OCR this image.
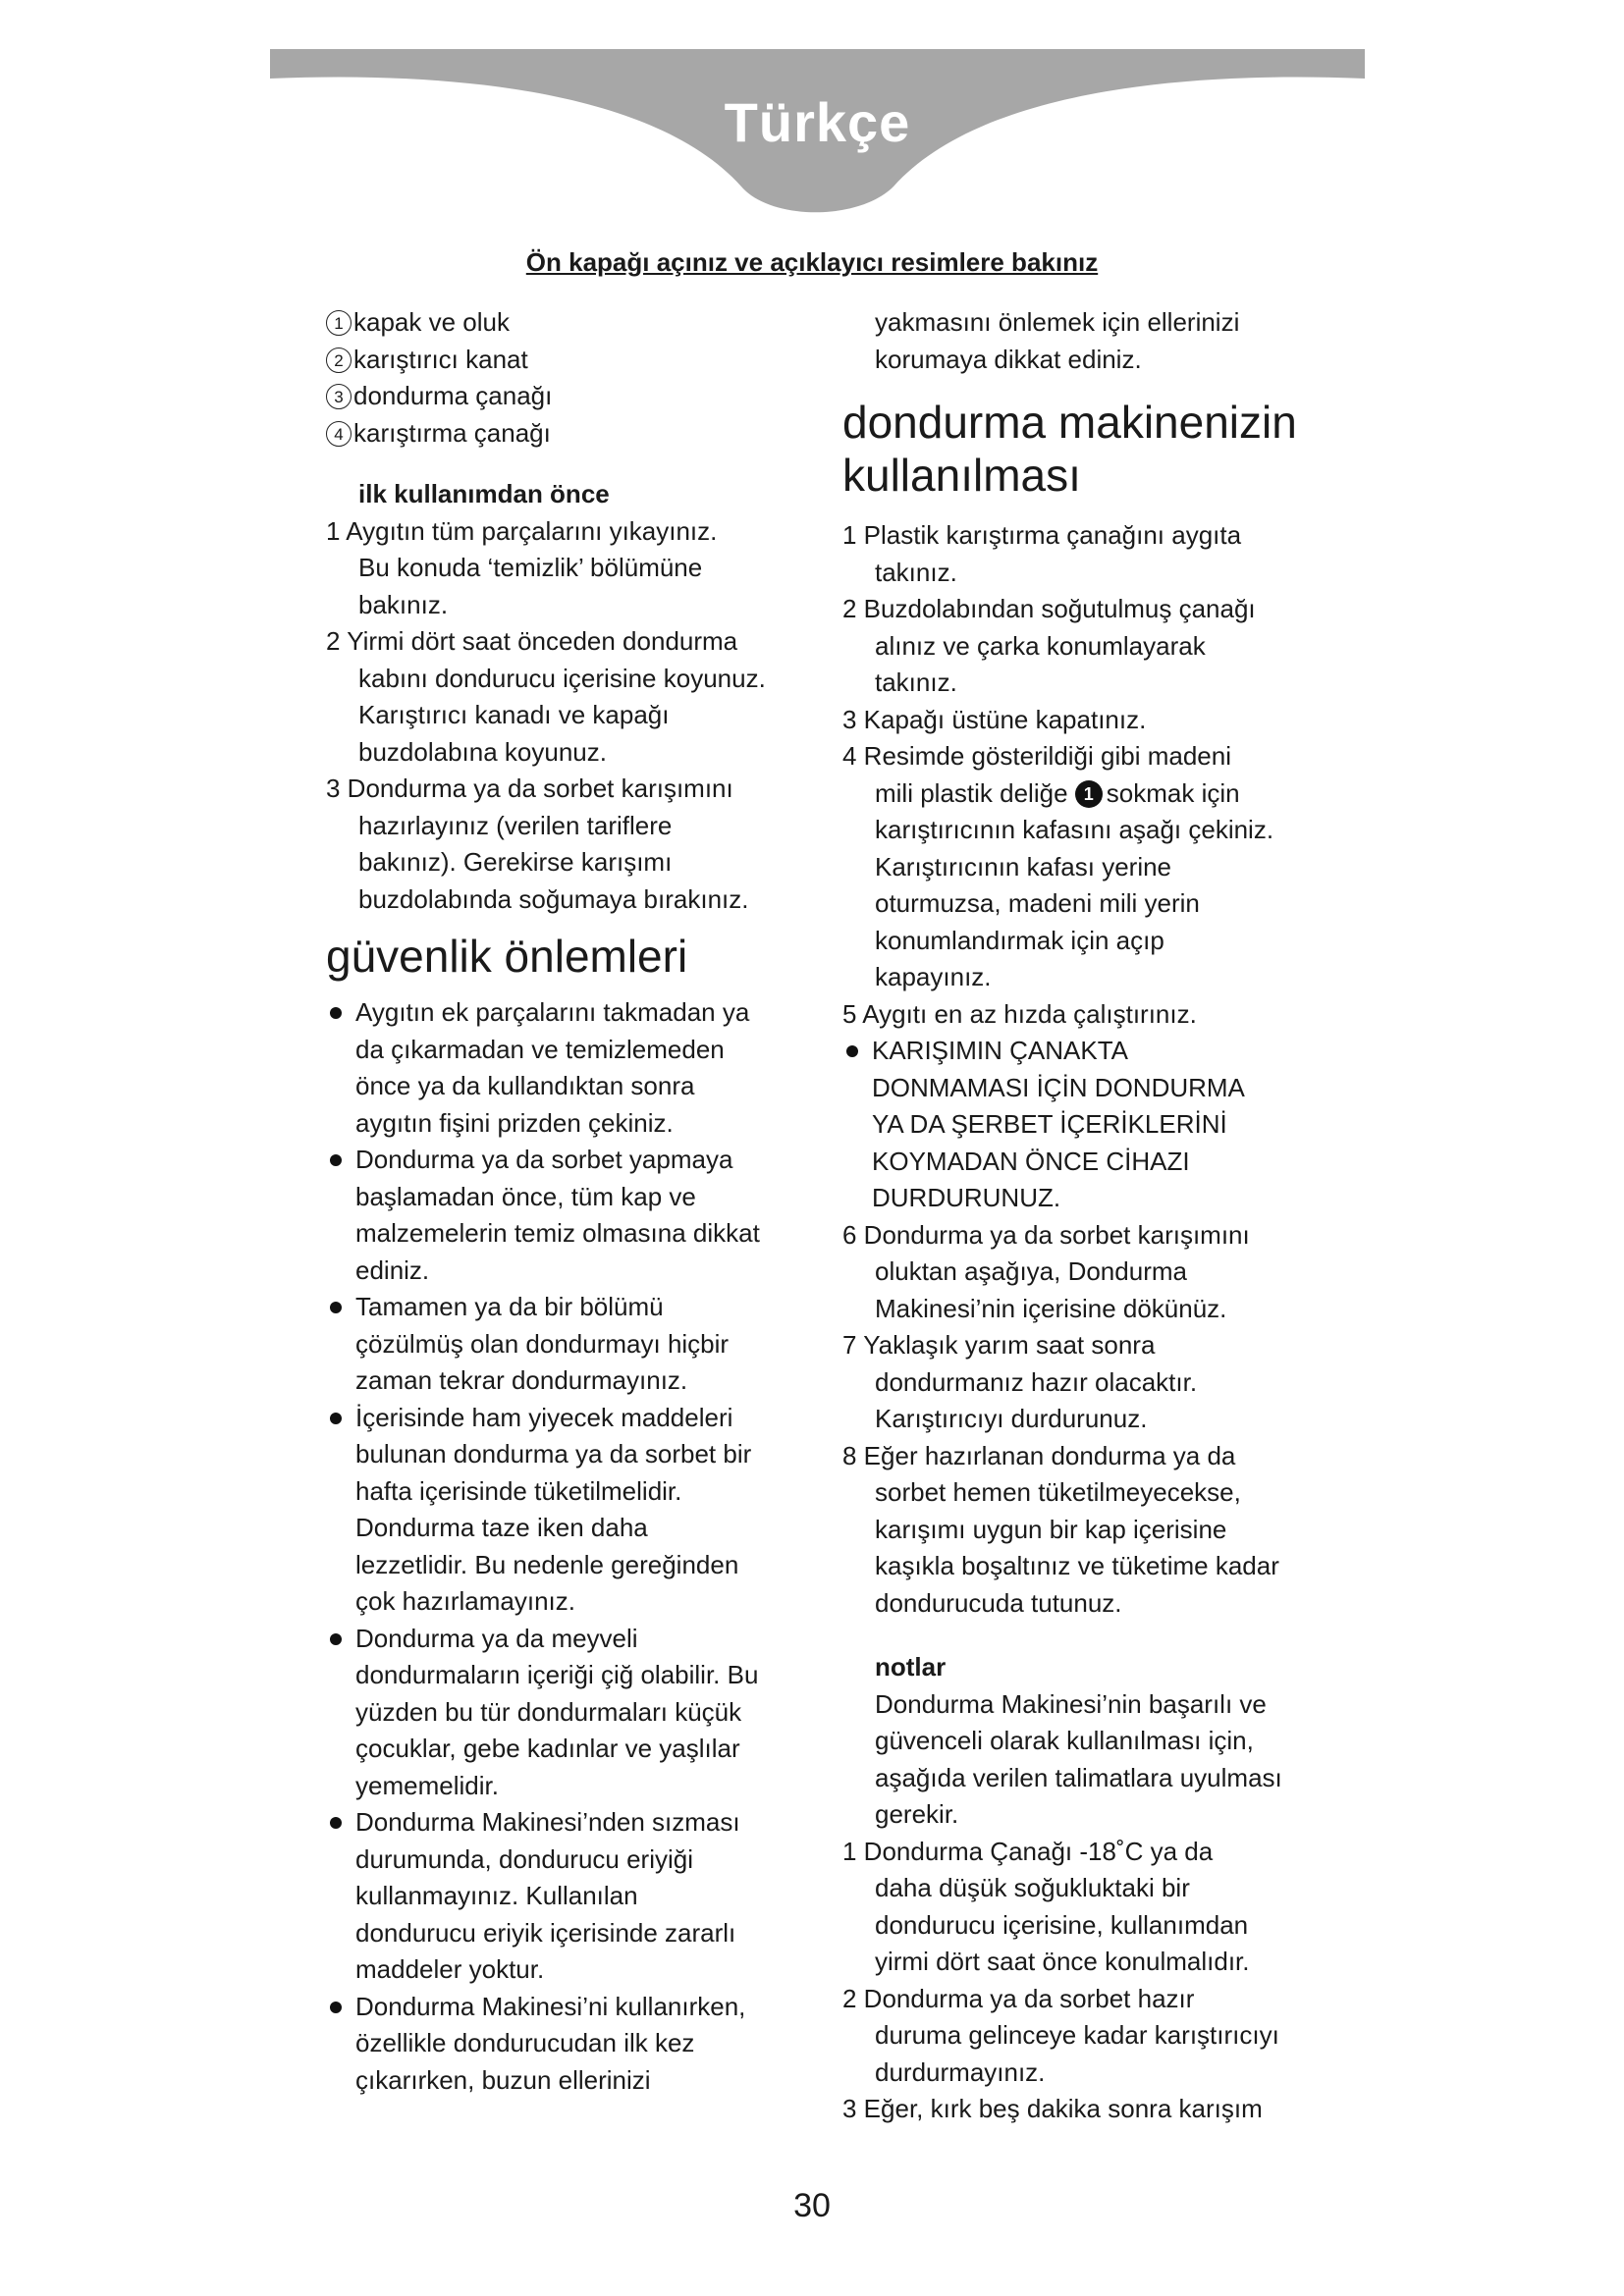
Türkçe
Ön kapağı açınız ve açıklayıcı resimlere bakınız
1 kapak ve oluk
2 karıştırıcı kanat
3 dondurma çanağı
4 karıştırma çanağı
ilk kullanımdan önce
1 Aygıtın tüm parçalarını yıkayınız.
Bu konuda ‘temizlik’ bölümüne
bakınız.
2 Yirmi dört saat önceden dondurma
kabını dondurucu içerisine koyunuz.
Karıştırıcı kanadı ve kapağı
buzdolabına koyunuz.
3 Dondurma ya da sorbet karışımını
hazırlayınız (verilen tariflere
bakınız). Gerekirse karışımı
buzdolabında soğumaya bırakınız.
güvenlik önlemleri
Aygıtın ek parçalarını takmadan ya
da çıkarmadan ve temizlemeden
önce ya da kullandıktan sonra
aygıtın fişini prizden çekiniz.
Dondurma ya da sorbet yapmaya
başlamadan önce, tüm kap ve
malzemelerin temiz olmasına dikkat
ediniz.
Tamamen ya da bir bölümü
çözülmüş olan dondurmayı hiçbir
zaman tekrar dondurmayınız.
İçerisinde ham yiyecek maddeleri
bulunan dondurma ya da sorbet bir
hafta içerisinde tüketilmelidir.
Dondurma taze iken daha
lezzetlidir. Bu nedenle gereğinden
çok hazırlamayınız.
Dondurma ya da meyveli
dondurmaların içeriği çiğ olabilir. Bu
yüzden bu tür dondurmaları küçük
çocuklar, gebe kadınlar ve yaşlılar
yememelidir.
Dondurma Makinesi’nden sızması
durumunda, dondurucu eriyiği
kullanmayınız. Kullanılan
dondurucu eriyik içerisinde zararlı
maddeler yoktur.
Dondurma Makinesi’ni kullanırken,
özellikle dondurucudan ilk kez
çıkarırken, buzun ellerinizi
yakmasını önlemek için ellerinizi
korumaya dikkat ediniz.
dondurma makinenizin
kullanılması
1 Plastik karıştırma çanağını aygıta
takınız.
2 Buzdolabından soğutulmuş çanağı
alınız ve çarka konumlayarak
takınız.
3 Kapağı üstüne kapatınız.
4 Resimde gösterildiği gibi madeni
mili plastik deliğe 1 sokmak için
karıştırıcının kafasını aşağı çekiniz.
Karıştırıcının kafası yerine
oturmuzsa, madeni mili yerin
konumlandırmak için açıp
kapayınız.
5 Aygıtı en az hızda çalıştırınız.
KARIŞIMIN ÇANAKTA
DONMAMASI İÇİN DONDURMA
YA DA ŞERBET İÇERİKLERİNİ
KOYMADAN ÖNCE CİHAZI
DURDURUNUZ.
6 Dondurma ya da sorbet karışımını
oluktan aşağıya, Dondurma
Makinesi’nin içerisine dökünüz.
7 Yaklaşık yarım saat sonra
dondurmanız hazır olacaktır.
Karıştırıcıyı durdurunuz.
8 Eğer hazırlanan dondurma ya da
sorbet hemen tüketilmeyecekse,
karışımı uygun bir kap içerisine
kaşıkla boşaltınız ve tüketime kadar
dondurucuda tutunuz.
notlar
Dondurma Makinesi’nin başarılı ve
güvenceli olarak kullanılması için,
aşağıda verilen talimatlara uyulması
gerekir.
1 Dondurma Çanağı -18˚C ya da
daha düşük soğukluktaki bir
dondurucu içerisine, kullanımdan
yirmi dört saat önce konulmalıdır.
2 Dondurma ya da sorbet hazır
duruma gelinceye kadar karıştırıcıyı
durdurmayınız.
3 Eğer, kırk beş dakika sonra karışım
30
